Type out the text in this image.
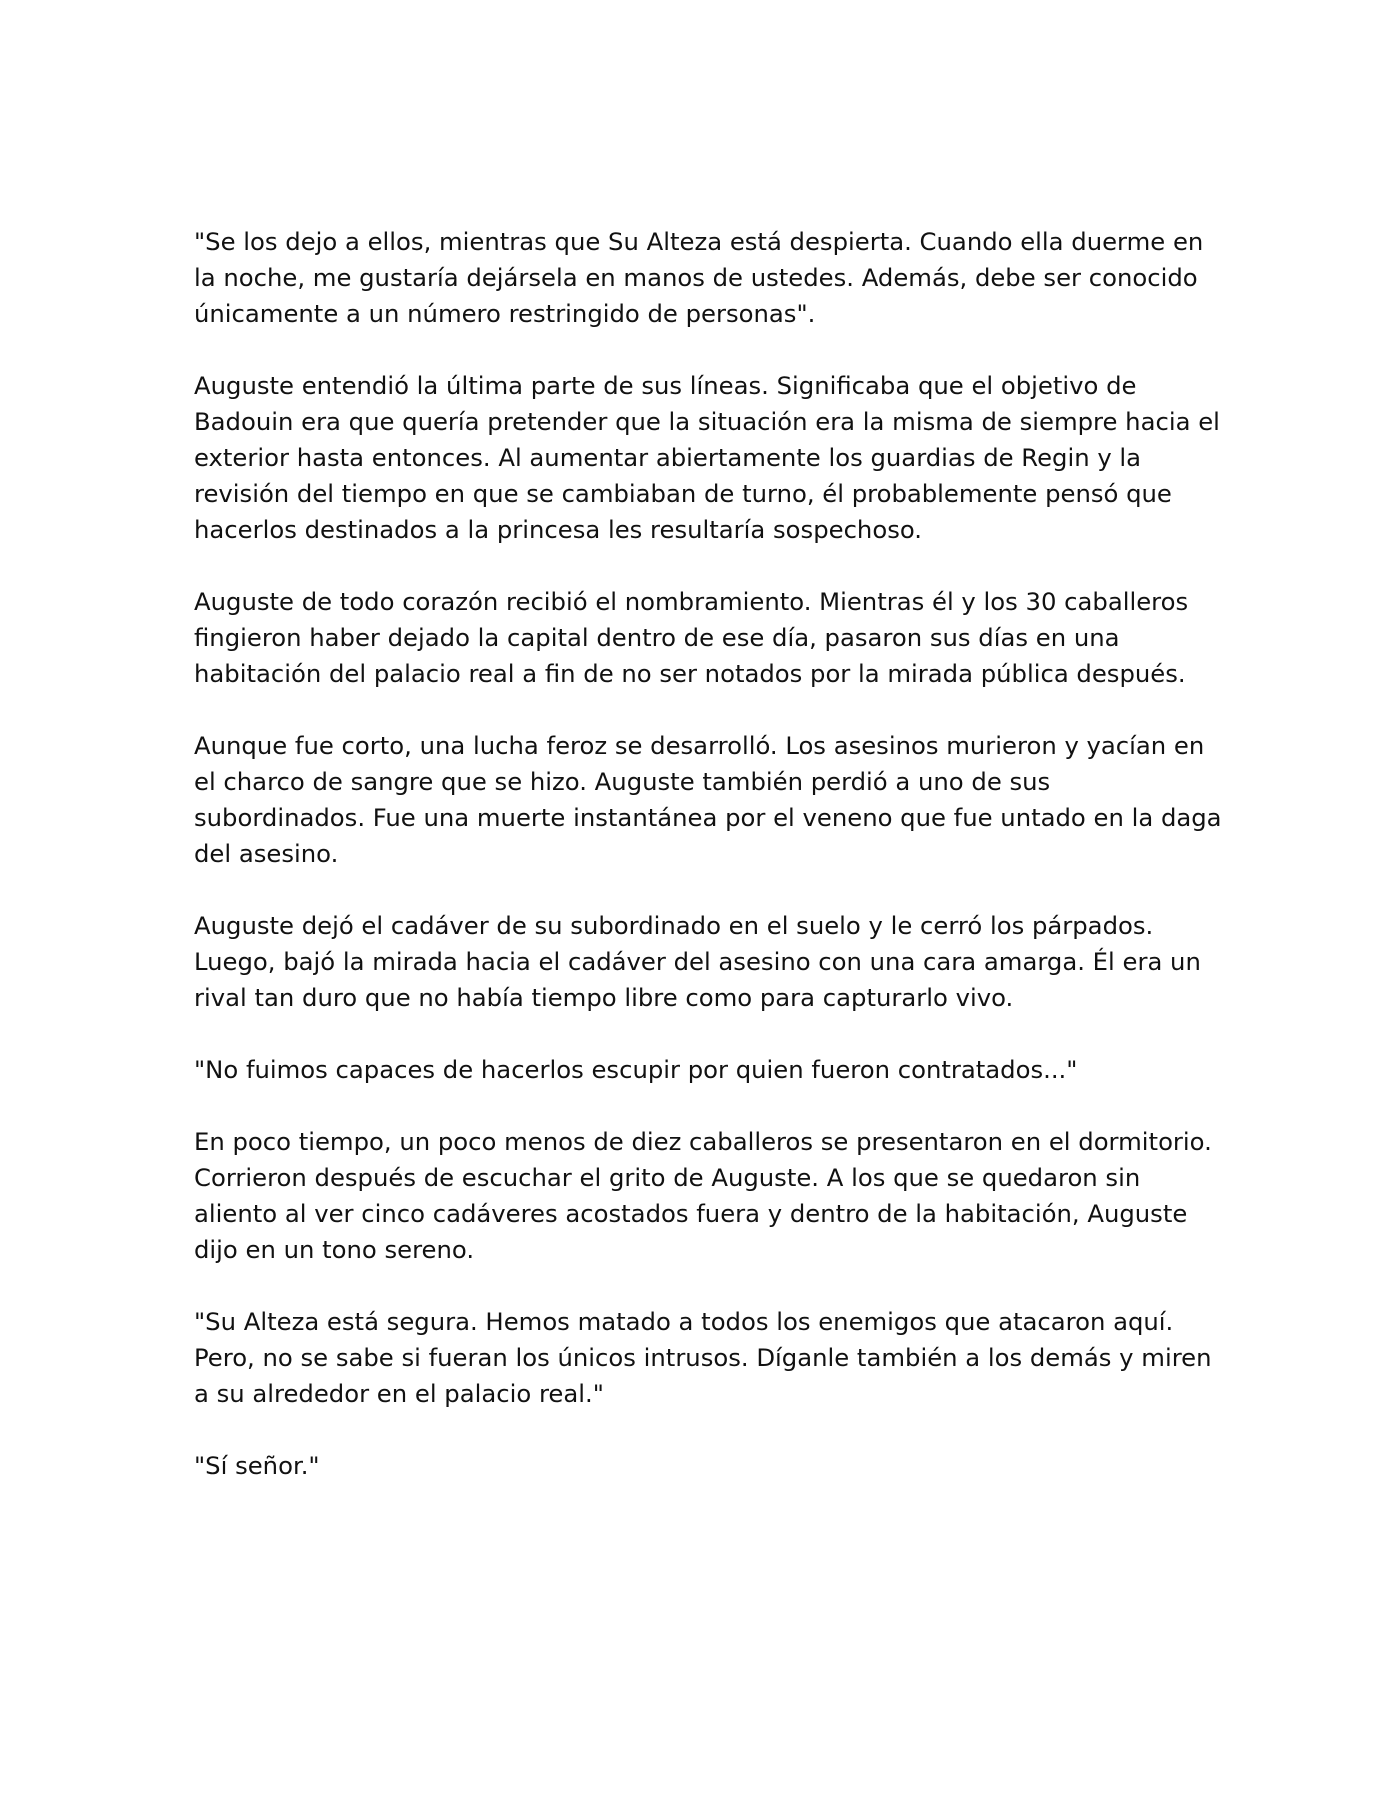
"Se los dejo a ellos, mientras que Su Alteza está despierta. Cuando ella duerme en la noche, me gustaría dejársela en manos de ustedes. Además, debe ser conocido únicamente a un número restringido de personas".

Auguste entendió la última parte de sus líneas. Significaba que el objetivo de Badouin era que quería pretender que la situación era la misma de siempre hacia el exterior hasta entonces. Al aumentar abiertamente los guardias de Regin y la revisión del tiempo en que se cambiaban de turno, él probablemente pensó que hacerlos destinados a la princesa les resultaría sospechoso.

Auguste de todo corazón recibió el nombramiento. Mientras él y los 30 caballeros fingieron haber dejado la capital dentro de ese día, pasaron sus días en una habitación del palacio real a fin de no ser notados por la mirada pública después.

Aunque fue corto, una lucha feroz se desarrolló. Los asesinos murieron y yacían en el charco de sangre que se hizo. Auguste también perdió a uno de sus subordinados. Fue una muerte instantánea por el veneno que fue untado en la daga del asesino.

Auguste dejó el cadáver de su subordinado en el suelo y le cerró los párpados. Luego, bajó la mirada hacia el cadáver del asesino con una cara amarga. Él era un rival tan duro que no había tiempo libre como para capturarlo vivo.

"No fuimos capaces de hacerlos escupir por quien fueron contratados..."

En poco tiempo, un poco menos de diez caballeros se presentaron en el dormitorio. Corrieron después de escuchar el grito de Auguste. A los que se quedaron sin aliento al ver cinco cadáveres acostados fuera y dentro de la habitación, Auguste dijo en un tono sereno.

"Su Alteza está segura. Hemos matado a todos los enemigos que atacaron aquí. Pero, no se sabe si fueran los únicos intrusos. Díganle también a los demás y miren a su alrededor en el palacio real."

"Sí señor."
